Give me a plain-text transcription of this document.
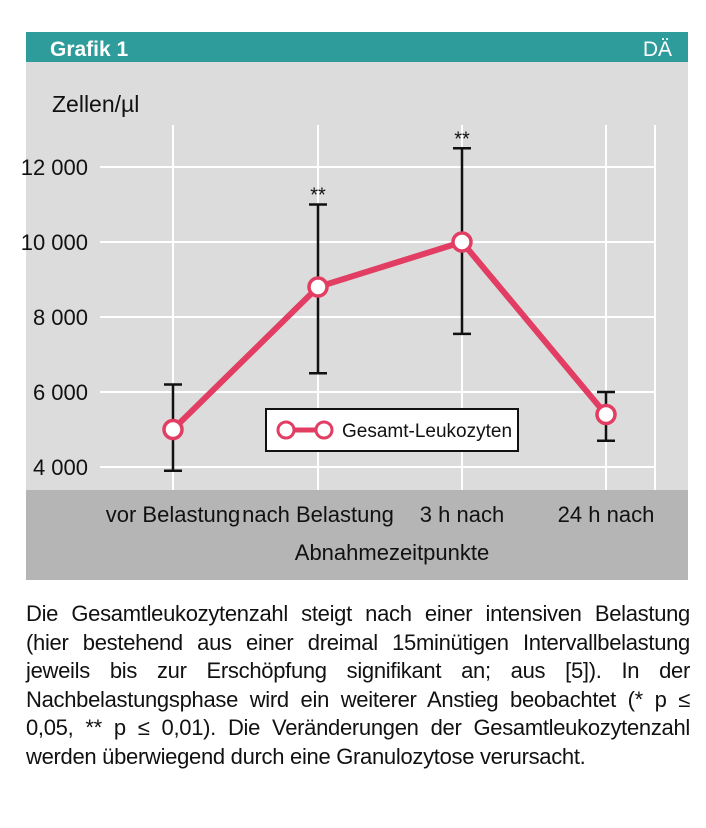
Grafik 1	DÄ
4 000
6 000
8 000
10 000
12 000
vor Belastung nach Belastung 3 h nach 24 h nach
**
**
Zellen/µl
Abnahmezeitpunkte
Gesamt-Leukozyten
Die Gesamtleukozytenzahl steigt nach einer intensiven Belastung (hier bestehend aus einer dreimal 15minütigen Intervallbelastung jeweils bis zur Erschöpfung signifikant an; aus [5]). In der Nachbelastungsphase wird ein weiterer Anstieg beobachtet (* p ≤ 0,05, ** p ≤ 0,01). Die Veränderungen der Gesamtleukozytenzahl werden überwiegend durch eine Granulozytose verursacht.
